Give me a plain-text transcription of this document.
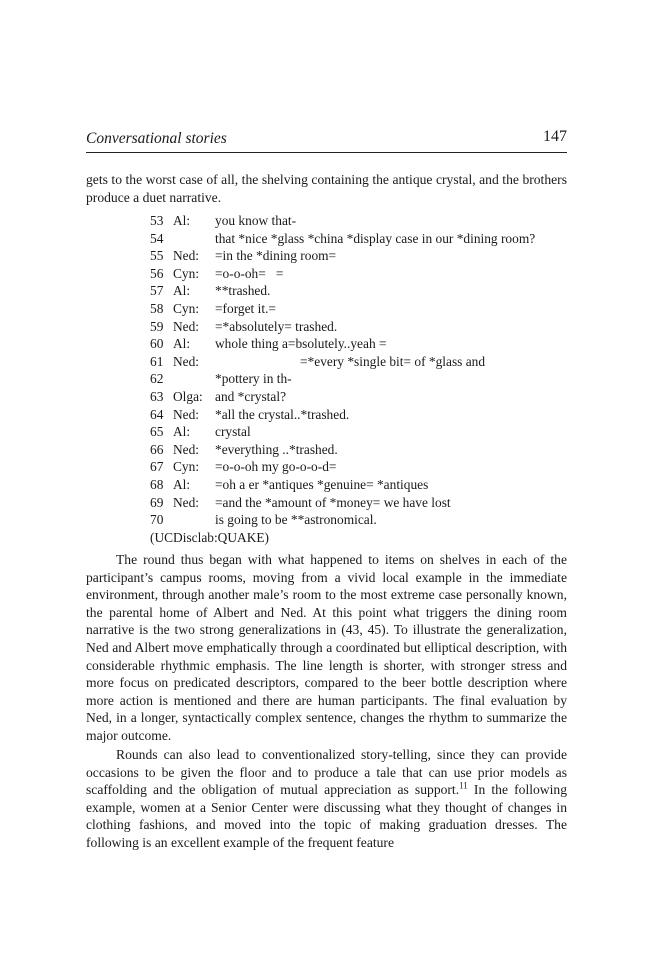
Conversational stories	147

gets to the worst case of all, the shelving containing the antique crystal, and the brothers produce a duet narrative.

53 Al: you know that-
54	that *nice *glass *china *display case in our *dining room?
55 Ned: =in the *dining room=
56 Cyn: =o-o-oh=   =
57 Al: **trashed.
58 Cyn: =forget it.=
59 Ned: =*absolutely= trashed.
60 Al: whole thing a=bsolutely..yeah =
61 Ned:	=*every *single bit= of *glass and
62	*pottery in th-
63 Olga: and *crystal?
64 Ned: *all the crystal..*trashed.
65 Al: crystal
66 Ned: *everything ..*trashed.
67 Cyn: =o-o-oh my go-o-o-d=
68 Al: =oh a er *antiques *genuine= *antiques
69 Ned: =and the *amount of *money= we have lost
70	is going to be **astronomical.
(UCDisclab:QUAKE)

The round thus began with what happened to items on shelves in each of the participant’s campus rooms, moving from a vivid local example in the immediate environment, through another male’s room to the most extreme case personally known, the parental home of Albert and Ned. At this point what triggers the dining room narrative is the two strong generalizations in (43, 45). To illustrate the generalization, Ned and Albert move emphatically through a coordinated but elliptical description, with considerable rhythmic emphasis. The line length is shorter, with stronger stress and more focus on predicated descriptors, compared to the beer bottle description where more action is mentioned and there are human participants. The final evaluation by Ned, in a longer, syntactically complex sentence, changes the rhythm to summarize the major outcome.

Rounds can also lead to conventionalized story-telling, since they can provide occasions to be given the floor and to produce a tale that can use prior models as scaffolding and the obligation of mutual appreciation as support.$^{11}$ In the following example, women at a Senior Center were discussing what they thought of changes in clothing fashions, and moved into the topic of making graduation dresses. The following is an excellent example of the frequent feature
